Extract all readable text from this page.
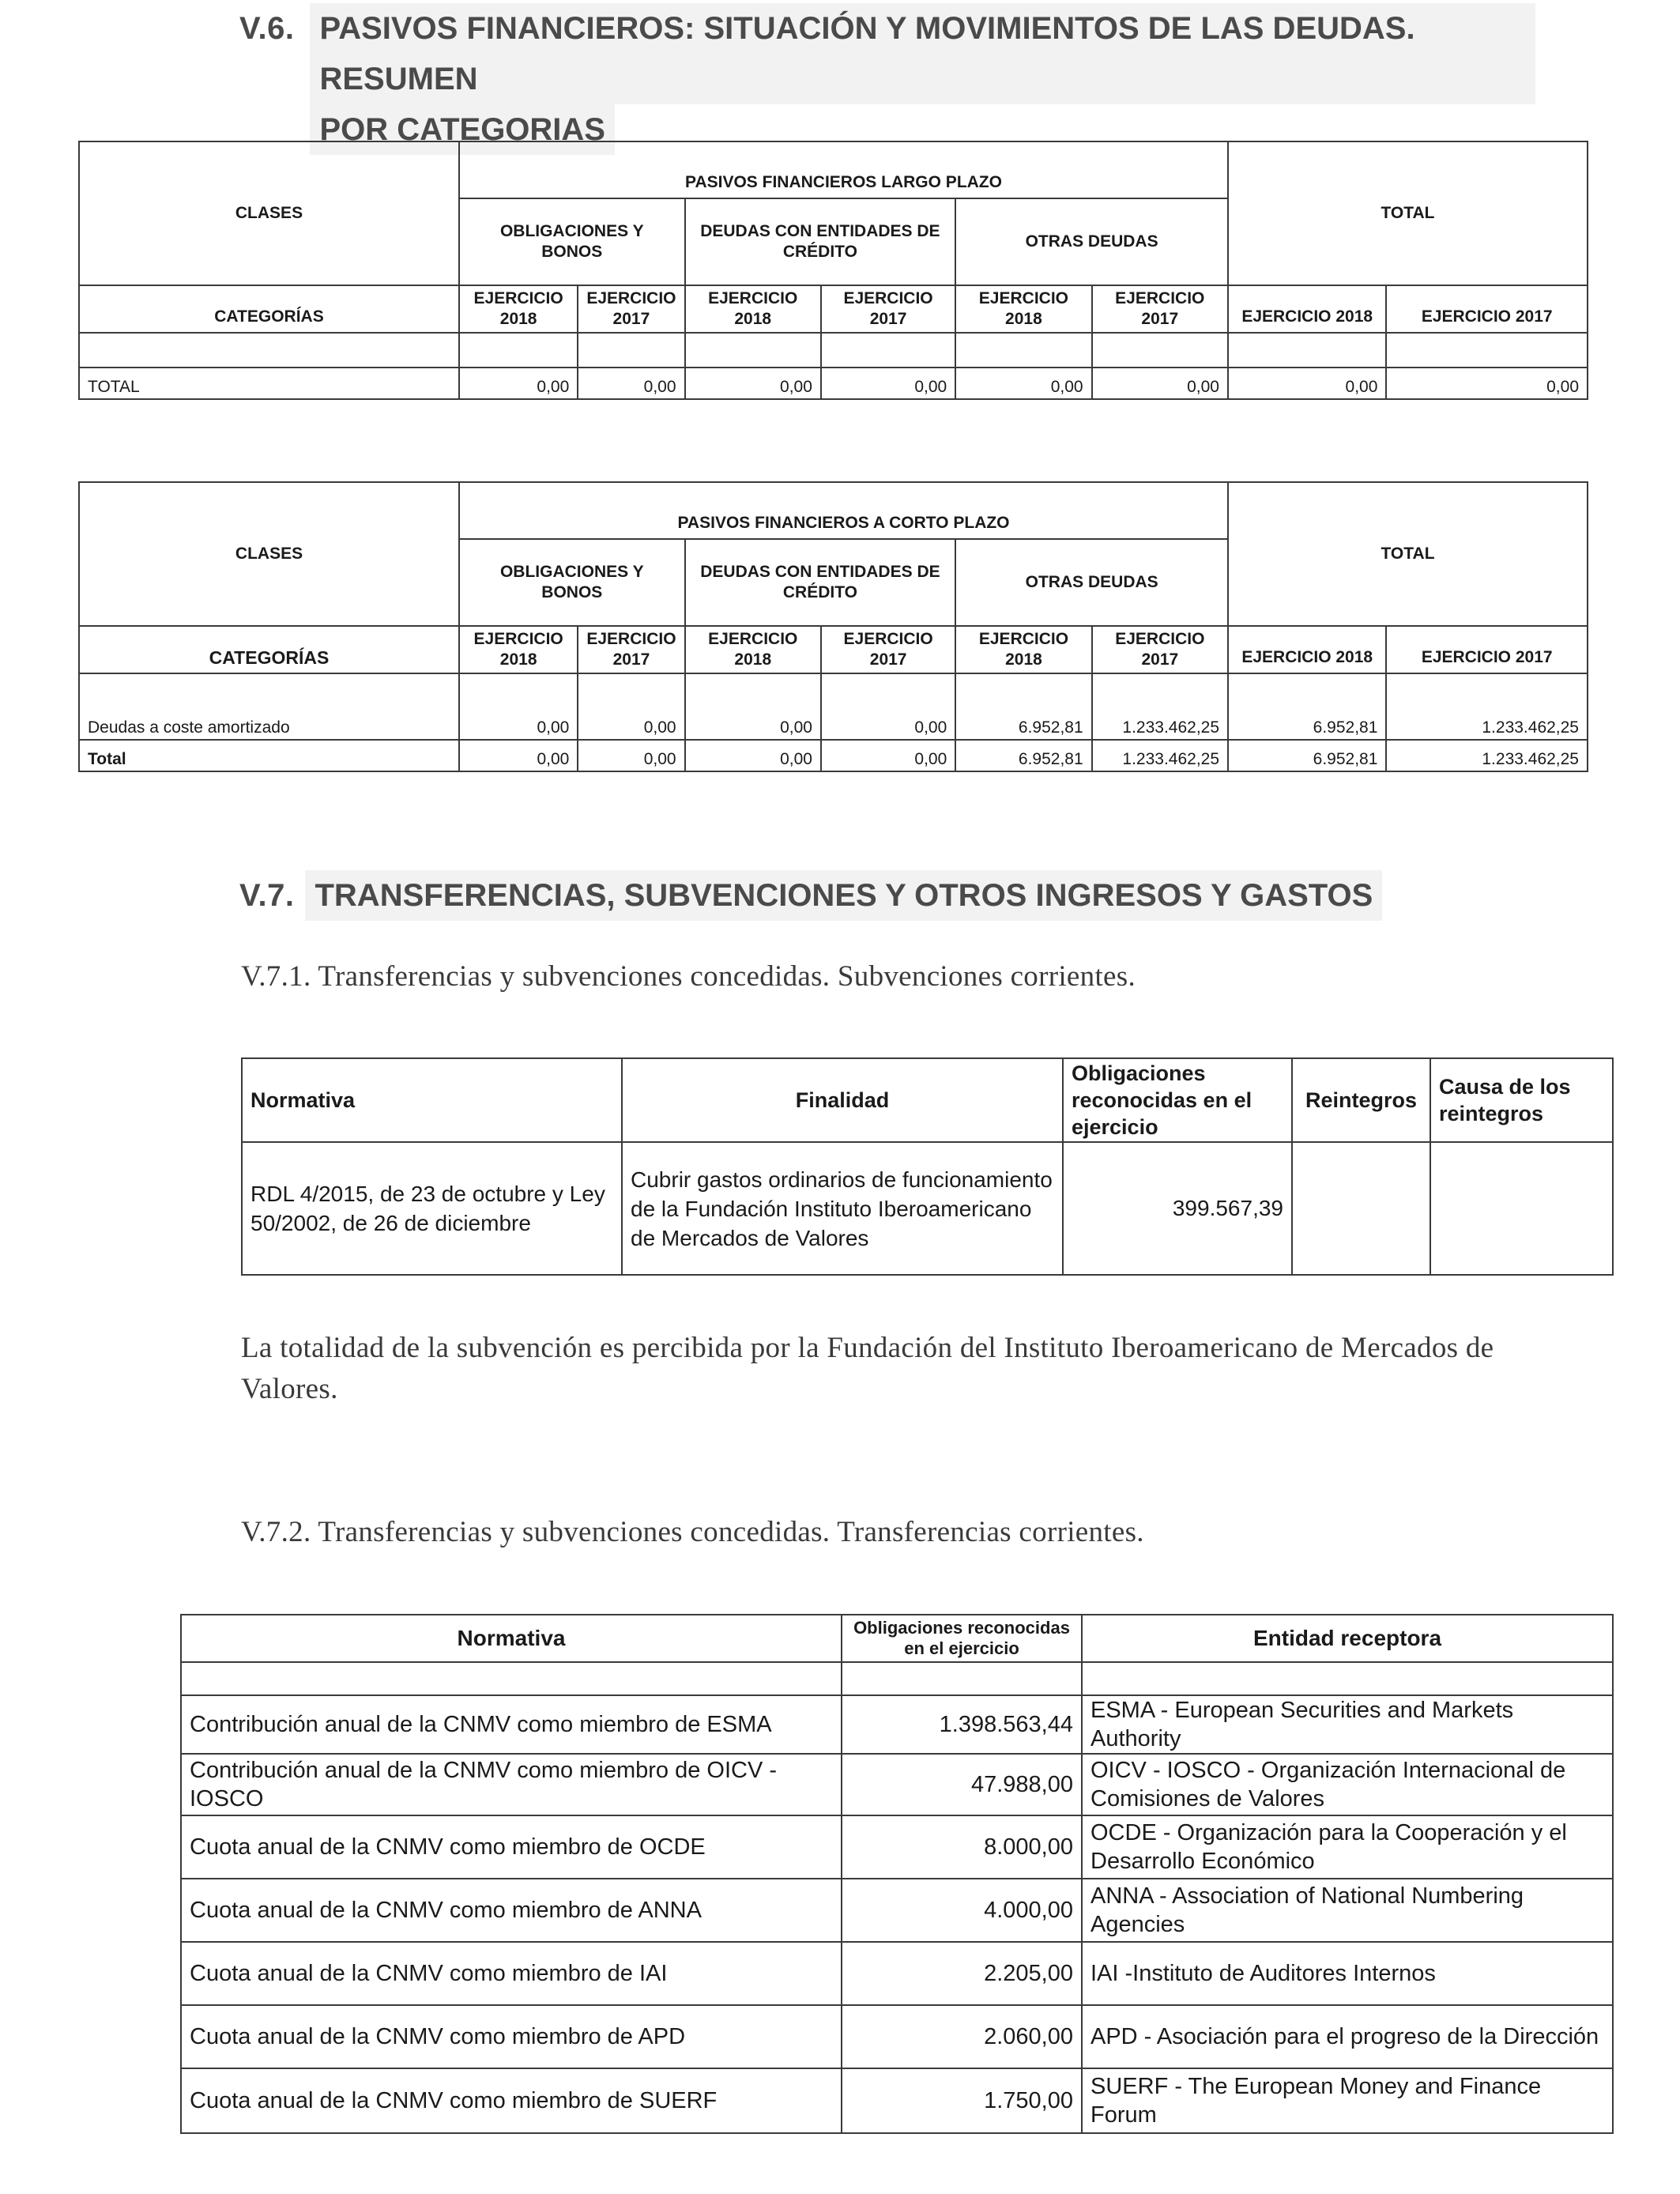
V.6. PASIVOS FINANCIEROS: SITUACIÓN Y MOVIMIENTOS DE LAS DEUDAS. RESUMEN
POR CATEGORIAS
CLASES	PASIVOS FINANCIEROS LARGO PLAZO						TOTAL	
	OBLIGACIONES Y BONOS		DEUDAS CON ENTIDADES DE CRÉDITO		OTRAS DEUDAS			
CATEGORÍAS	EJERCICIO 2018	EJERCICIO 2017	EJERCICIO 2018	EJERCICIO 2017	EJERCICIO 2018	EJERCICIO 2017	EJERCICIO 2018	EJERCICIO 2017

TOTAL	0,00	0,00	0,00	0,00	0,00	0,00	0,00	0,00
CLASES	PASIVOS FINANCIEROS A CORTO PLAZO						TOTAL	
	OBLIGACIONES Y BONOS		DEUDAS CON ENTIDADES DE CRÉDITO		OTRAS DEUDAS			
CATEGORÍAS	EJERCICIO 2018	EJERCICIO 2017	EJERCICIO 2018	EJERCICIO 2017	EJERCICIO 2018	EJERCICIO 2017	EJERCICIO 2018	EJERCICIO 2017
Deudas a coste amortizado	0,00	0,00	0,00	0,00	6.952,81	1.233.462,25	6.952,81	1.233.462,25
Total	0,00	0,00	0,00	0,00	6.952,81	1.233.462,25	6.952,81	1.233.462,25
V.7. TRANSFERENCIAS, SUBVENCIONES Y OTROS INGRESOS Y GASTOS
V.7.1. Transferencias y subvenciones concedidas. Subvenciones corrientes.
Normativa	Finalidad	Obligaciones reconocidas en el ejercicio	Reintegros	Causa de los reintegros
RDL 4/2015, de 23 de octubre y Ley 50/2002, de 26 de diciembre	Cubrir gastos ordinarios de funcionamiento de la Fundación Instituto Iberoamericano de Mercados de Valores	399.567,39		
La totalidad de la subvención es percibida por la Fundación del Instituto Iberoamericano de Mercados de Valores.
V.7.2. Transferencias y subvenciones concedidas. Transferencias corrientes.
Normativa	Obligaciones reconocidas en el ejercicio	Entidad receptora

Contribución anual de la CNMV como miembro de ESMA	1.398.563,44	ESMA - European Securities and Markets Authority
Contribución anual de la CNMV como miembro de OICV - IOSCO	47.988,00	OICV - IOSCO - Organización Internacional de Comisiones de Valores
Cuota anual de la CNMV como miembro de OCDE	8.000,00	OCDE - Organización para la Cooperación y el Desarrollo Económico
Cuota anual de la CNMV como miembro de ANNA	4.000,00	ANNA - Association of National Numbering Agencies
Cuota anual de la CNMV como miembro de IAI	2.205,00	IAI -Instituto de Auditores Internos
Cuota anual de la CNMV como miembro de APD	2.060,00	APD - Asociación para el progreso de la Dirección
Cuota anual de la CNMV como miembro de SUERF	1.750,00	SUERF - The European Money and Finance Forum
